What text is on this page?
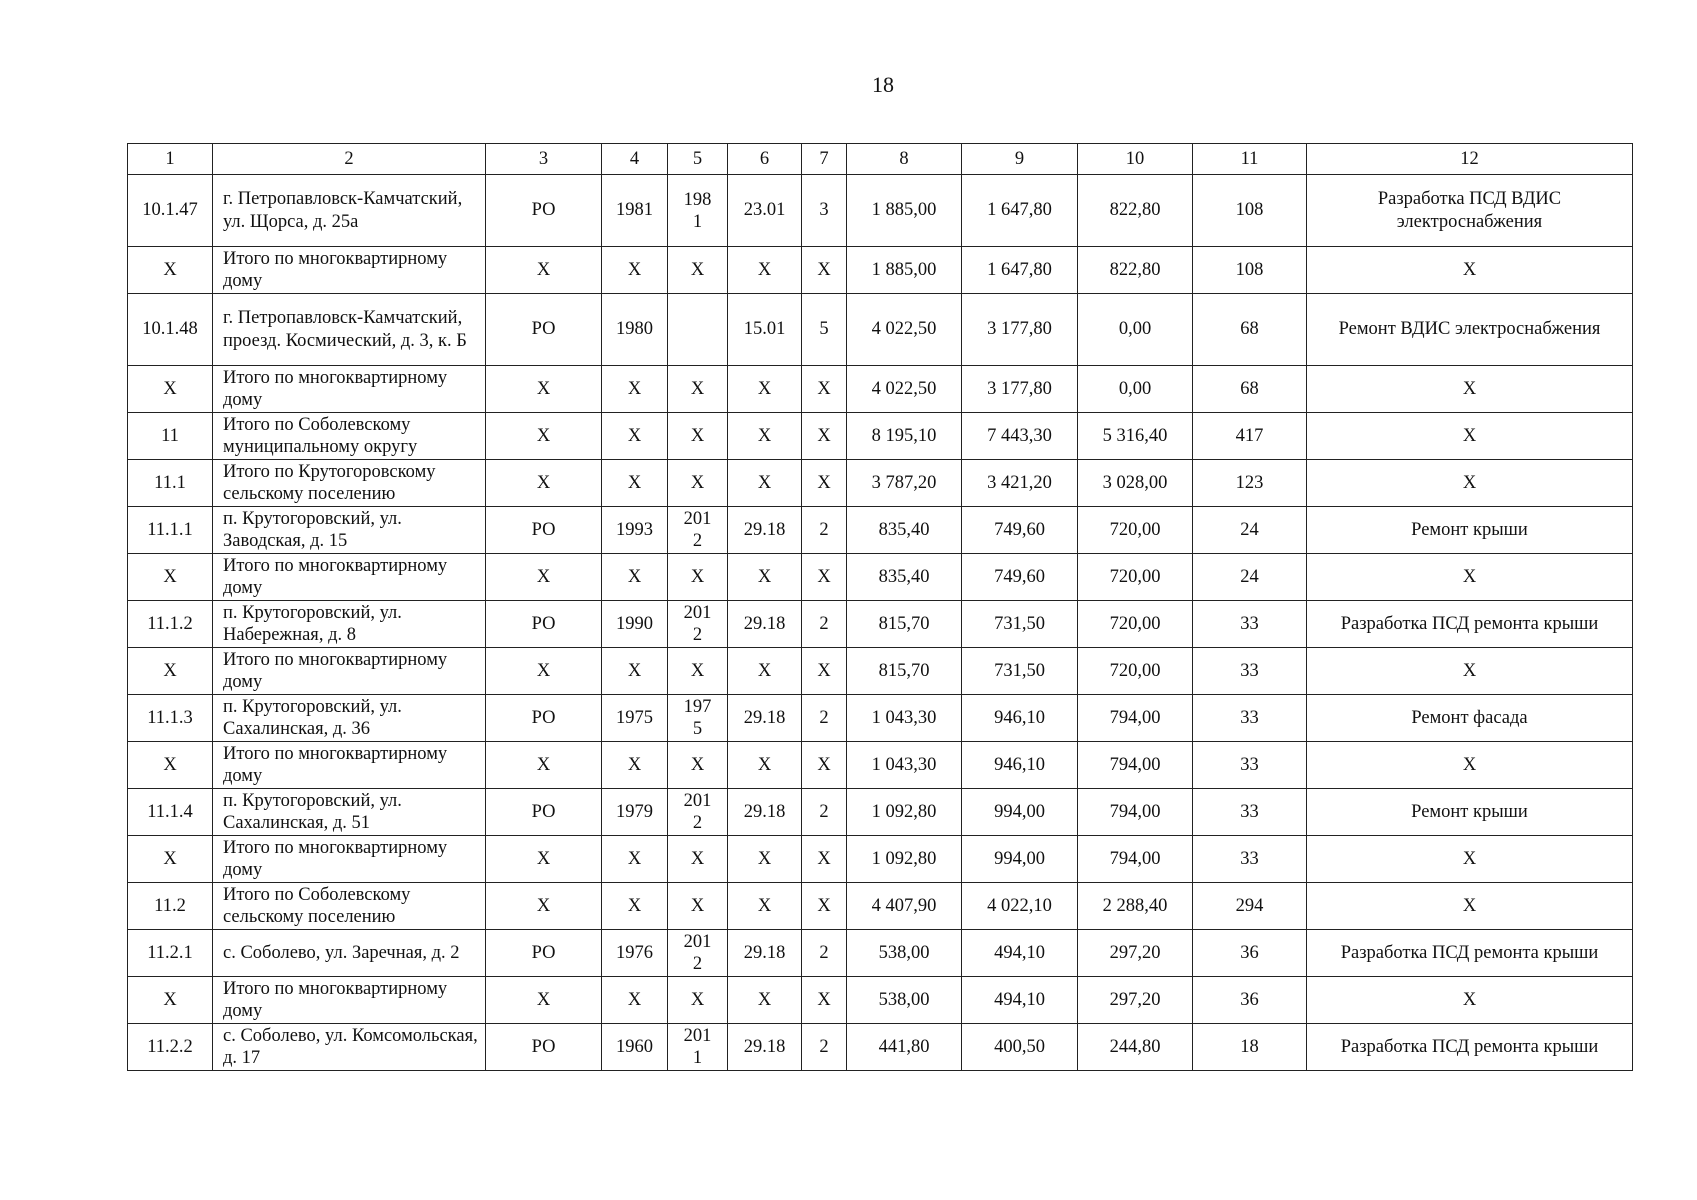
18
1	2	3	4	5	6	7	8	9	10	11	12
10.1.47	г. Петропавловск-Камчатский, ул. Щорса, д. 25а	РО	1981	1981	23.01	3	1 885,00	1 647,80	822,80	108	Разработка ПСД ВДИС электроснабжения
Х	Итого по многоквартирному дому	Х	Х	Х	Х	Х	1 885,00	1 647,80	822,80	108	Х
10.1.48	г. Петропавловск-Камчатский, проезд. Космический, д. 3, к. Б	РО	1980		15.01	5	4 022,50	3 177,80	0,00	68	Ремонт ВДИС электроснабжения
Х	Итого по многоквартирному дому	Х	Х	Х	Х	Х	4 022,50	3 177,80	0,00	68	Х
11	Итого по Соболевскому муниципальному округу	Х	Х	Х	Х	Х	8 195,10	7 443,30	5 316,40	417	Х
11.1	Итого по Крутогоровскому сельскому поселению	Х	Х	Х	Х	Х	3 787,20	3 421,20	3 028,00	123	Х
11.1.1	п. Крутогоровский, ул. Заводская, д. 15	РО	1993	2012	29.18	2	835,40	749,60	720,00	24	Ремонт крыши
Х	Итого по многоквартирному дому	Х	Х	Х	Х	Х	835,40	749,60	720,00	24	Х
11.1.2	п. Крутогоровский, ул. Набережная, д. 8	РО	1990	2012	29.18	2	815,70	731,50	720,00	33	Разработка ПСД ремонта крыши
Х	Итого по многоквартирному дому	Х	Х	Х	Х	Х	815,70	731,50	720,00	33	Х
11.1.3	п. Крутогоровский, ул. Сахалинская, д. 36	РО	1975	1975	29.18	2	1 043,30	946,10	794,00	33	Ремонт фасада
Х	Итого по многоквартирному дому	Х	Х	Х	Х	Х	1 043,30	946,10	794,00	33	Х
11.1.4	п. Крутогоровский, ул. Сахалинская, д. 51	РО	1979	2012	29.18	2	1 092,80	994,00	794,00	33	Ремонт крыши
Х	Итого по многоквартирному дому	Х	Х	Х	Х	Х	1 092,80	994,00	794,00	33	Х
11.2	Итого по Соболевскому сельскому поселению	Х	Х	Х	Х	Х	4 407,90	4 022,10	2 288,40	294	Х
11.2.1	с. Соболево, ул. Заречная, д. 2	РО	1976	2012	29.18	2	538,00	494,10	297,20	36	Разработка ПСД ремонта крыши
Х	Итого по многоквартирному дому	Х	Х	Х	Х	Х	538,00	494,10	297,20	36	Х
11.2.2	с. Соболево, ул. Комсомольская, д. 17	РО	1960	2011	29.18	2	441,80	400,50	244,80	18	Разработка ПСД ремонта крыши
